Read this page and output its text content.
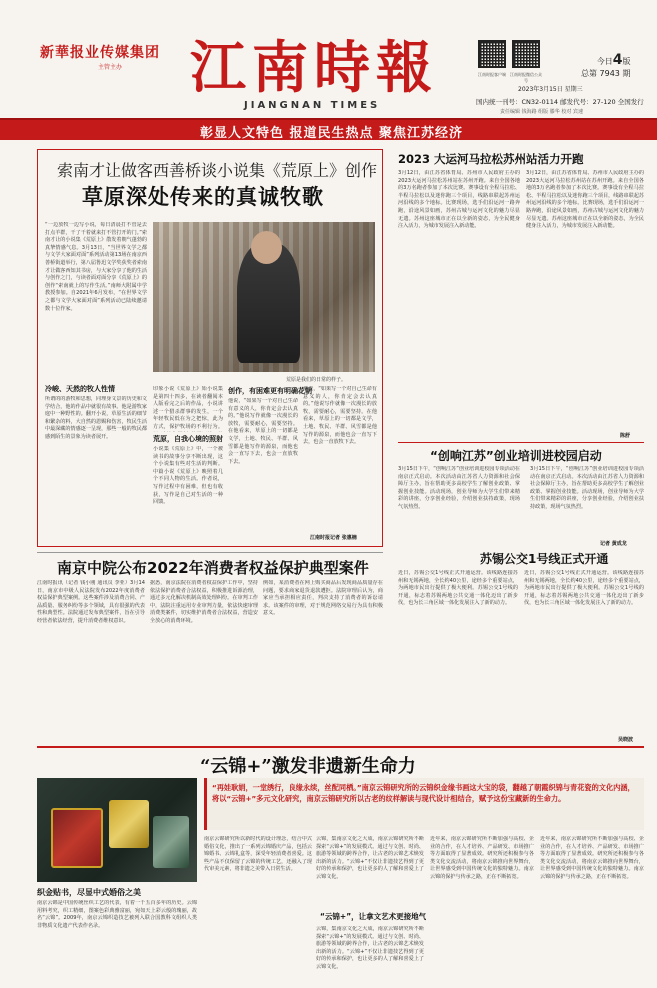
新華报业传媒集团
主管主办 江南時報
JIANGNAN TIMES
江南时报客户端	江南时报微信公众号
今日4版
总第 7943 期
2023年3月15日 星期三
国内统一刊号：CN32-0114 邮发代号：27-120 全国发行
责任编辑 钱海路 组版 滕华 校对 宾速
彰显人文特色 报道民生热点 聚焦江苏经济
索南才让做客西善桥谈小说集《荒原上》创作
草原深处传来的真诚牧歌
“一边放牧一边写小说，每日清晨打不管是去打点羊群，干了干着就来打不管打开的门。”索南才让的小说集《荒原上》散发着朝气蓬勃的真挚情感气息。3月13日，“当世界文学之都与文学大家面对面”系列活动第13场在南京西善桥街道举行，第八届鲁迅文学奖获奖者索南才让做客西知其书房，与大家分享了他的生活与创作之门，与读者面对面分享《荒原上》的创作“索南就上的写作生活。”南师大附属中学教授参加。自2021年6月发布，“在世界文学之都与文学大家面对面”系列活动已陆续邀请数十位作家。
冷峻、天然的牧人性情
所谓的的游牧和思想，同理身文景的历史和文学结合，他的作品中就很有故事。他是游牧家庭中一种野性的。翻开小说，草原生活的细节和繁杂的料，大自然的恩赐和伤害，牧民生活中最深藏的情感逐一呈现，那些一般的牧民都感到陌生的景象为读者展开。
荒原是我们的日常的样子。
印象小说《荒原上》始小说集是第四十四多，在读者翻阅本人版看完之后的作品，小说讲述一个猎杀群事的发生，一个年轻牧民低在为之把惊，此为方式，保护牧场的不利行为。
荒原，自我心境的照射
小说集《荒原上》中，一个被读书的故事分享不断出现，这个小说集有些对生活的判断。中篇小说《荒原上》映照着几个不同人物的生活。作者说，写作过程中有困难，但也有收获，写作是自己对生活的一种回馈。
创作，有困难更有明确花朝
他说，“如果写一个对自己生命有意义的人，你肯定会去认真的。”他说写作就像一次漫长的放牧，需要耐心，需要坚持。在他看来，草原上的一切都是文学，土地、牧民、羊群、风雪都是他写作的源泉，而他也会一直写下去，也会一直放牧下去。
他说，“如果写一个对自己生命有意义的人，你肯定会去认真的。”他说写作就像一次漫长的放牧，需要耐心，需要坚持。在他看来，草原上的一切都是文学，土地、牧民、羊群、风雪都是他写作的源泉，而他也会一直写下去，也会一直放牧下去。
江南时报记者 张惠楠
2023 大运河马拉松苏州站活力开跑
3月12日，由江苏省体育局、苏州市人民政府主办的2023大运河马拉松苏州站在苏州开跑。来自全国各地的3万名跑者参加了本次比赛。赛事设有全程马拉松、半程马拉松以及迷你跑三个项目，线路串联起苏州运河沿线的多个地标。比赛现场，选手们沿运河一路奔跑，沿途风景如画，苏州古城与运河文化的魅力尽显无遗。苏州这座城市正在以全新的姿态，为全民健身注入活力，为城市发展注入新动能。
3月12日，由江苏省体育局、苏州市人民政府主办的2023大运河马拉松苏州站在苏州开跑。来自全国各地的3万名跑者参加了本次比赛。赛事设有全程马拉松、半程马拉松以及迷你跑三个项目，线路串联起苏州运河沿线的多个地标。比赛现场，选手们沿运河一路奔跑，沿途风景如画，苏州古城与运河文化的魅力尽显无遗。苏州这座城市正在以全新的姿态，为全民健身注入活力，为城市发展注入新动能。
陈舒
“创响江苏”创业培训进校园启动
3月15日下午，“创响江苏”创业培训进校园专项活动在南京正式启动。本次活动由江苏省人力资源和社会保障厅主办，旨在帮助更多高校学生了解创业政策、掌握创业技能。活动现场，创业导师为大学生们带来精彩的讲座，分享创业经验，介绍创业扶持政策，现场气氛热烈。
3月15日下午，“创响江苏”创业培训进校园专项活动在南京正式启动。本次活动由江苏省人力资源和社会保障厅主办，旨在帮助更多高校学生了解创业政策、掌握创业技能。活动现场，创业导师为大学生们带来精彩的讲座，分享创业经验，介绍创业扶持政策，现场气氛热烈。
记者 黄成龙
南京中院公布2022年消费者权益保护典型案件
江南时报讯（记者 钱小刚 通讯员 李亚）3月14日，南京市中级人民法院发布2022年度消费者权益保护典型案例。这些案件涉及消费合同、产品质量、服务纠纷等多个领域，具有很强的代表性和典型性。法院通过发布典型案件，旨在引导经营者依法经营，提升消费者维权意识。
据悉，南京法院在消费者权益保护工作中，坚持依法保护消费者合法权益，积极推进诉源治理，通过多元化解决机制高效处理纠纷。在审判工作中，法院注重运用专业审判力量，依法快速审理消费类案件，切实维护消费者合法权益，营造安全放心的消费环境。
例如，某消费者在网上购买商品后发现商品质量存在问题，要求商家退货退款遭拒。法院审理后认为，商家应当承担相应责任，判决支持了消费者的诉讼请求。该案件的审理，对于规范网络交易行为具有积极意义。
苏锡公交1号线正式开通
近日，苏锡公交1号线正式开通运营。该线路连接苏州和无锡两地，全长约40公里，途经多个重要站点，为两地市民出行提供了极大便利。苏锡公交1号线的开通，标志着苏锡两地公共交通一体化迈出了新步伐，也为长三角区域一体化发展注入了新的动力。
近日，苏锡公交1号线正式开通运营。该线路连接苏州和无锡两地，全长约40公里，途经多个重要站点，为两地市民出行提供了极大便利。苏锡公交1号线的开通，标志着苏锡两地公共交通一体化迈出了新步伐，也为长三角区域一体化发展注入了新的动力。
吴晓波
“云锦+”激发非遗新生命力
“再娃耿娟，一堂绣行，良缘永续，丝配同栖。”南京云锦研究所的云锦织金缘书画这大宝的袋，翻越了朝霞织锦与青花瓷的文化内涵，将以“云锦+”多元文化研究，南京云锦研究所以古老的纹样解读与现代设计相结合，赋予这份宝藏新的生命力。
织金贴书，尽显中式婚俗之美
南京云锦是中国传统丝织工艺的代表，有着一千五百多年的历史。云锦用料考究，织工精细，图案色彩典雅富丽，宛如天上彩云般的瑰丽，故名“云锦”。2009年，南京云锦织造技艺被列入联合国教科文组织人类非物质文化遗产代表作名录。
南京云锦研究所以新时代的设计理念，结合中式婚俗文化，推出了一系列云锦婚庆产品，包括云锦婚书、云锦礼盒等，深受年轻消费者喜爱。这些产品不仅保留了云锦的传统工艺，还融入了现代审美元素，将非遗之美带入日常生活。
“云锦+”，让拿文艺术更接地气
云锦，集南京文化之大成，南京云锦研究所不断探索“云锦+”的发展模式。通过与文创、时尚、旅游等领域的跨界合作，让古老的云锦艺术焕发出新的活力。“云锦+”不仅让非遗技艺得到了更好的传承和保护，也让更多的人了解和喜爱上了云锦文化。
云锦，集南京文化之大成，南京云锦研究所不断探索“云锦+”的发展模式。通过与文创、时尚、旅游等领域的跨界合作，让古老的云锦艺术焕发出新的活力。“云锦+”不仅让非遗技艺得到了更好的传承和保护，也让更多的人了解和喜爱上了云锦文化。
近年来，南京云锦研究所不断加强与高校、企业的合作，在人才培养、产品研发、市场推广等方面取得了显著成效。研究所还积极参与各类文化交流活动，将南京云锦推向世界舞台，让世界感受到中国传统文化的独特魅力。南京云锦的保护与传承之路，正在不断拓宽。
近年来，南京云锦研究所不断加强与高校、企业的合作，在人才培养、产品研发、市场推广等方面取得了显著成效。研究所还积极参与各类文化交流活动，将南京云锦推向世界舞台，让世界感受到中国传统文化的独特魅力。南京云锦的保护与传承之路，正在不断拓宽。
